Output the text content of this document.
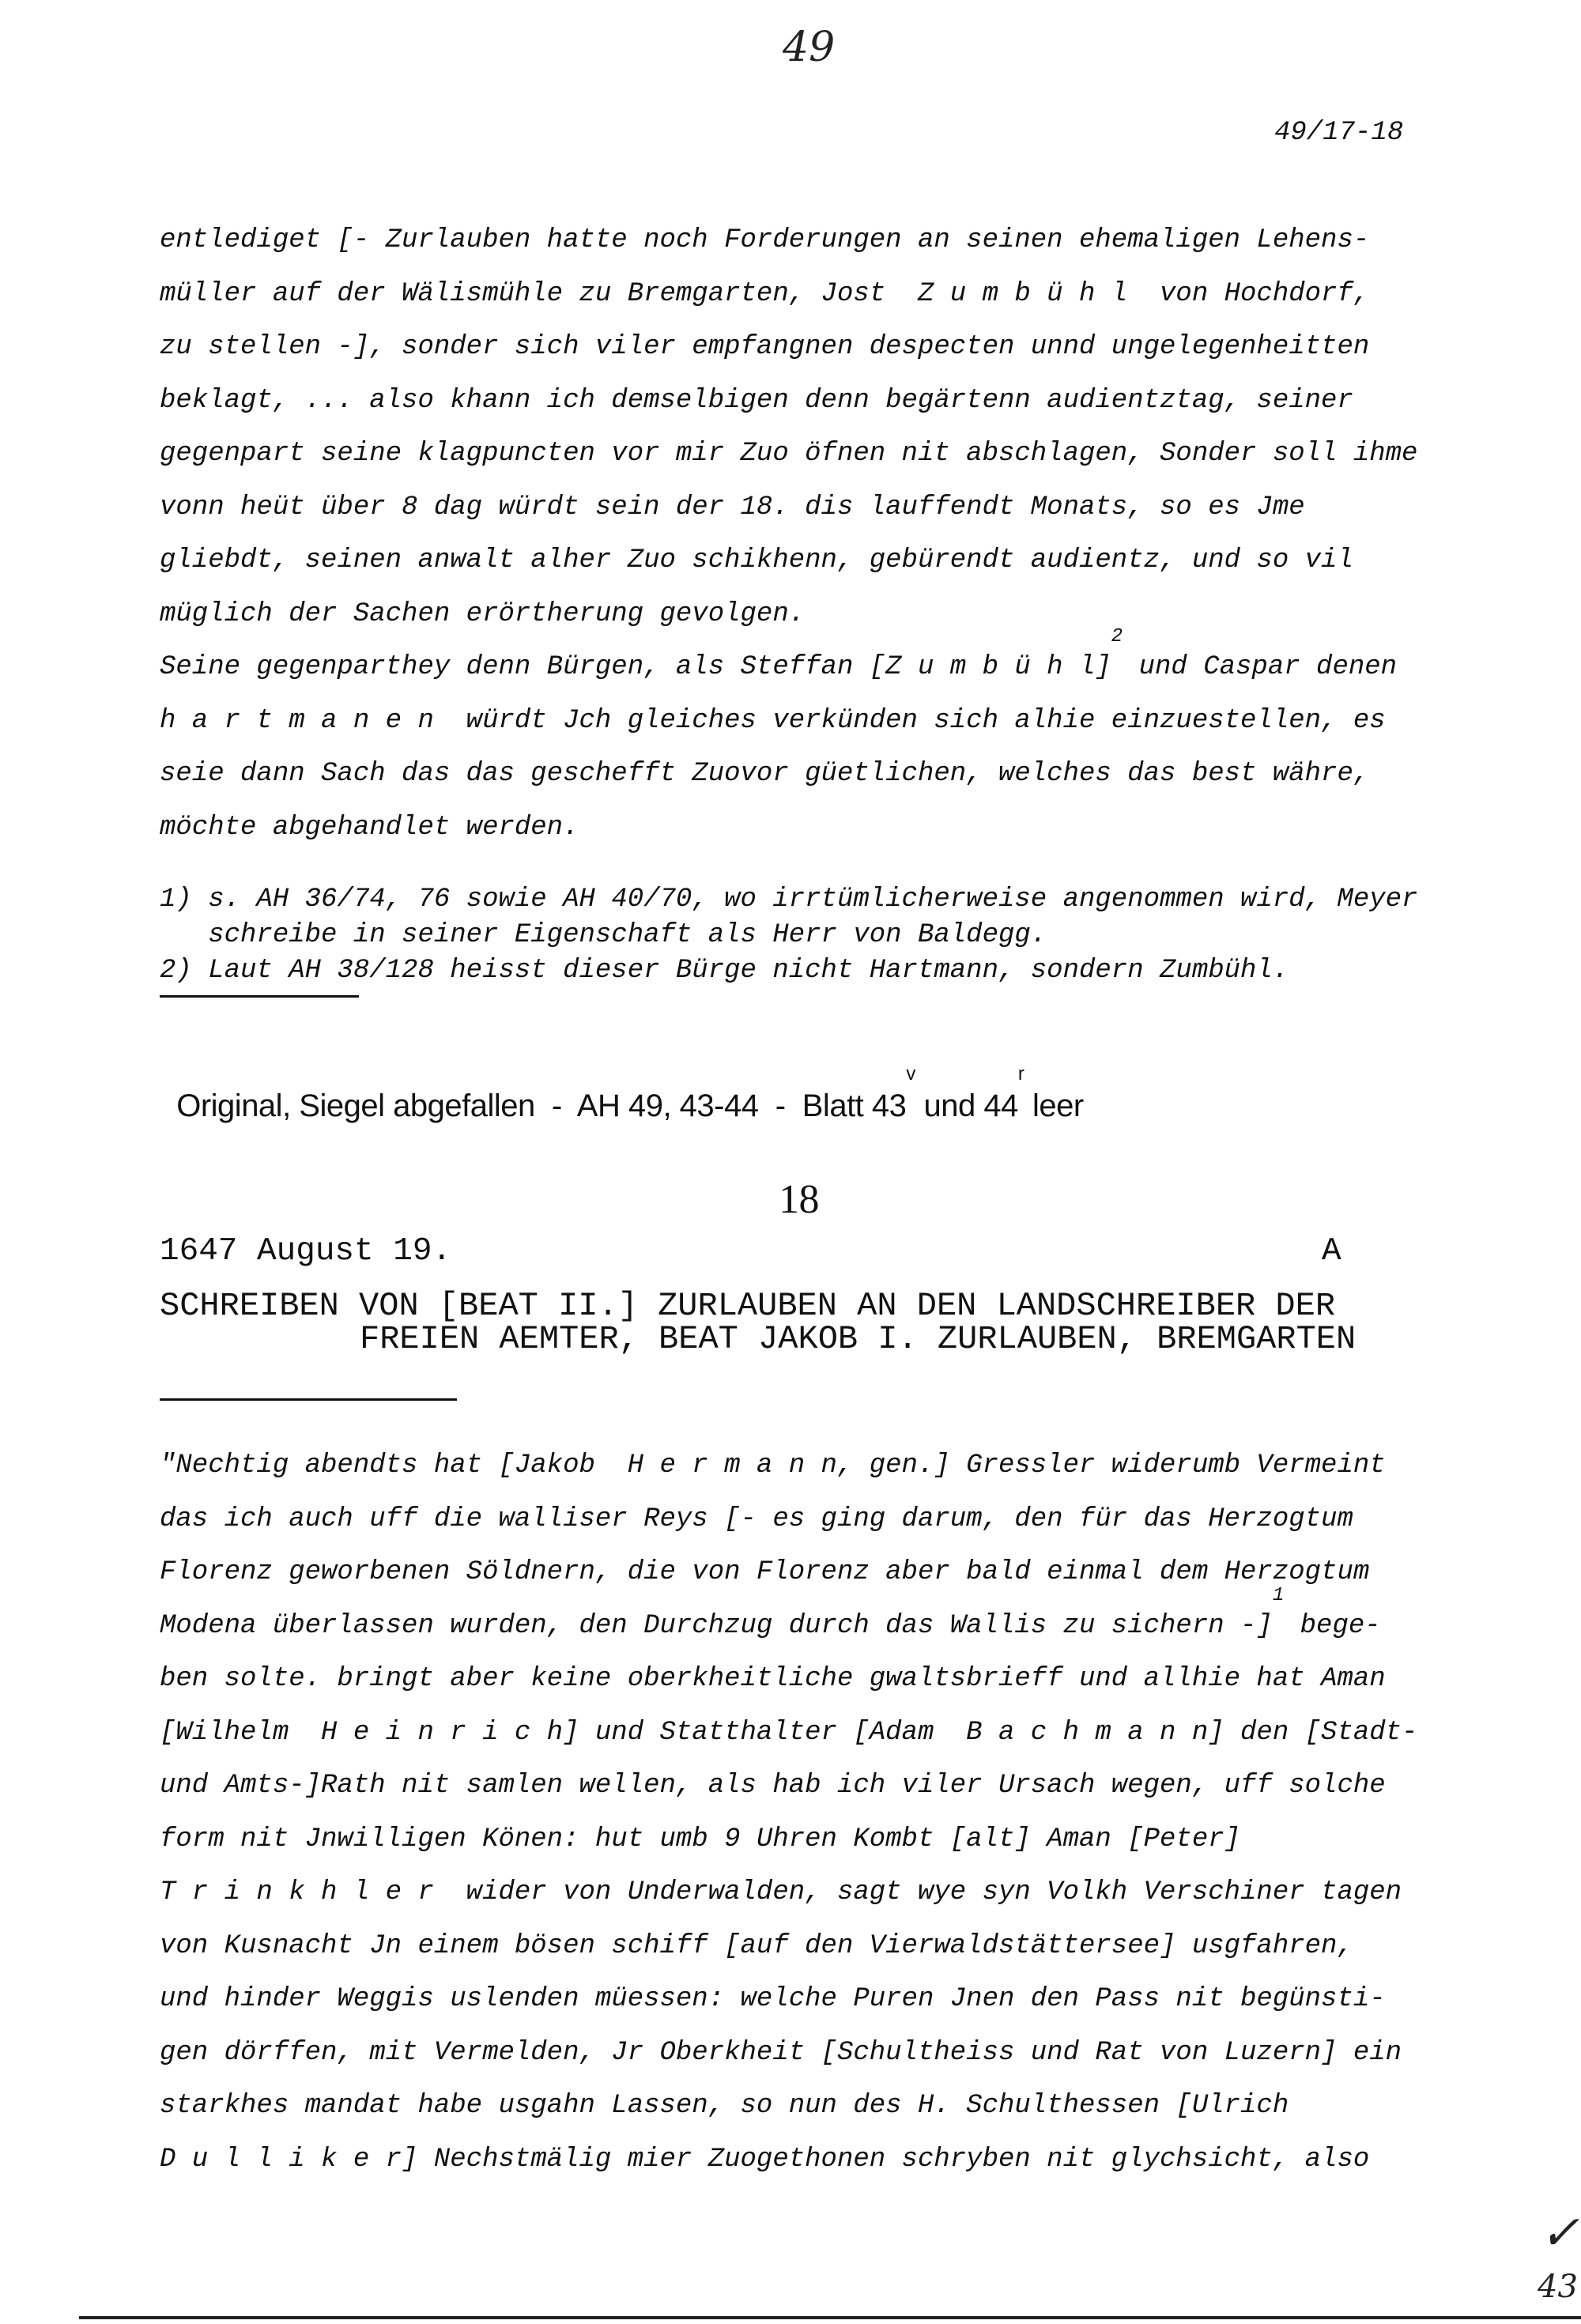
49
49/17-18
entlediget [- Zurlauben hatte noch Forderungen an seinen ehemaligen Lehens-
müller auf der Wälismühle zu Bremgarten, Jost  Z u m b ü h l  von Hochdorf,
zu stellen -], sonder sich viler empfangnen despecten unnd ungelegenheitten
beklagt, ... also khann ich demselbigen denn begärtenn audientztag, seiner
gegenpart seine klagpuncten vor mir Zuo öfnen nit abschlagen, Sonder soll ihme
vonn heüt über 8 dag würdt sein der 18. dis lauffendt Monats, so es Jme
gliebdt, seinen anwalt alher Zuo schikhenn, gebürendt audientz, und so vil
müglich der Sachen erörtherung gevolgen.
Seine gegenparthey denn Bürgen, als Steffan [Z u m b ü h l]$^2$ und Caspar denen
h a r t m a n e n  würdt Jch gleiches verkünden sich alhie einzuestellen, es
seie dann Sach das das geschefft Zuovor güetlichen, welches das best währe,
möchte abgehandlet werden.
1) s. AH 36/74, 76 sowie AH 40/70, wo irrtümlicherweise angenommen wird, Meyer
schreibe in seiner Eigenschaft als Herr von Baldegg.
2) Laut AH 38/128 heisst dieser Bürge nicht Hartmann, sondern Zumbühl.

Original, Siegel abgefallen  -  AH 49, 43-44  -  Blatt 43$^v$ und 44$^r$ leer

18
1647 August 19.	A
SCHREIBEN VON [BEAT II.] ZURLAUBEN AN DEN LANDSCHREIBER DER
FREIEN AEMTER, BEAT JAKOB I. ZURLAUBEN, BREMGARTEN
"Nechtig abendts hat [Jakob  H e r m a n n, gen.] Gressler widerumb Vermeint
das ich auch uff die walliser Reys [- es ging darum, den für das Herzogtum
Florenz geworbenen Söldnern, die von Florenz aber bald einmal dem Herzogtum
Modena überlassen wurden, den Durchzug durch das Wallis zu sichern -]$^1$ bege-
ben solte. bringt aber keine oberkheitliche gwaltsbrieff und allhie hat Aman
[Wilhelm  H e i n r i c h] und Statthalter [Adam  B a c h m a n n] den [Stadt-
und Amts-]Rath nit samlen wellen, als hab ich viler Ursach wegen, uff solche
form nit Jnwilligen Könen: hut umb 9 Uhren Kombt [alt] Aman [Peter]
T r i n k h l e r  wider von Underwalden, sagt wye syn Volkh Verschiner tagen
von Kusnacht Jn einem bösen schiff [auf den Vierwaldstättersee] usgfahren,
und hinder Weggis uslenden müessen: welche Puren Jnen den Pass nit begünsti-
gen dörffen, mit Vermelden, Jr Oberkheit [Schultheiss und Rat von Luzern] ein
starkhes mandat habe usgahn Lassen, so nun des H. Schulthessen [Ulrich
D u l l i k e r] Nechstmälig mier Zuogethonen schryben nit glychsicht, also
✓
43
